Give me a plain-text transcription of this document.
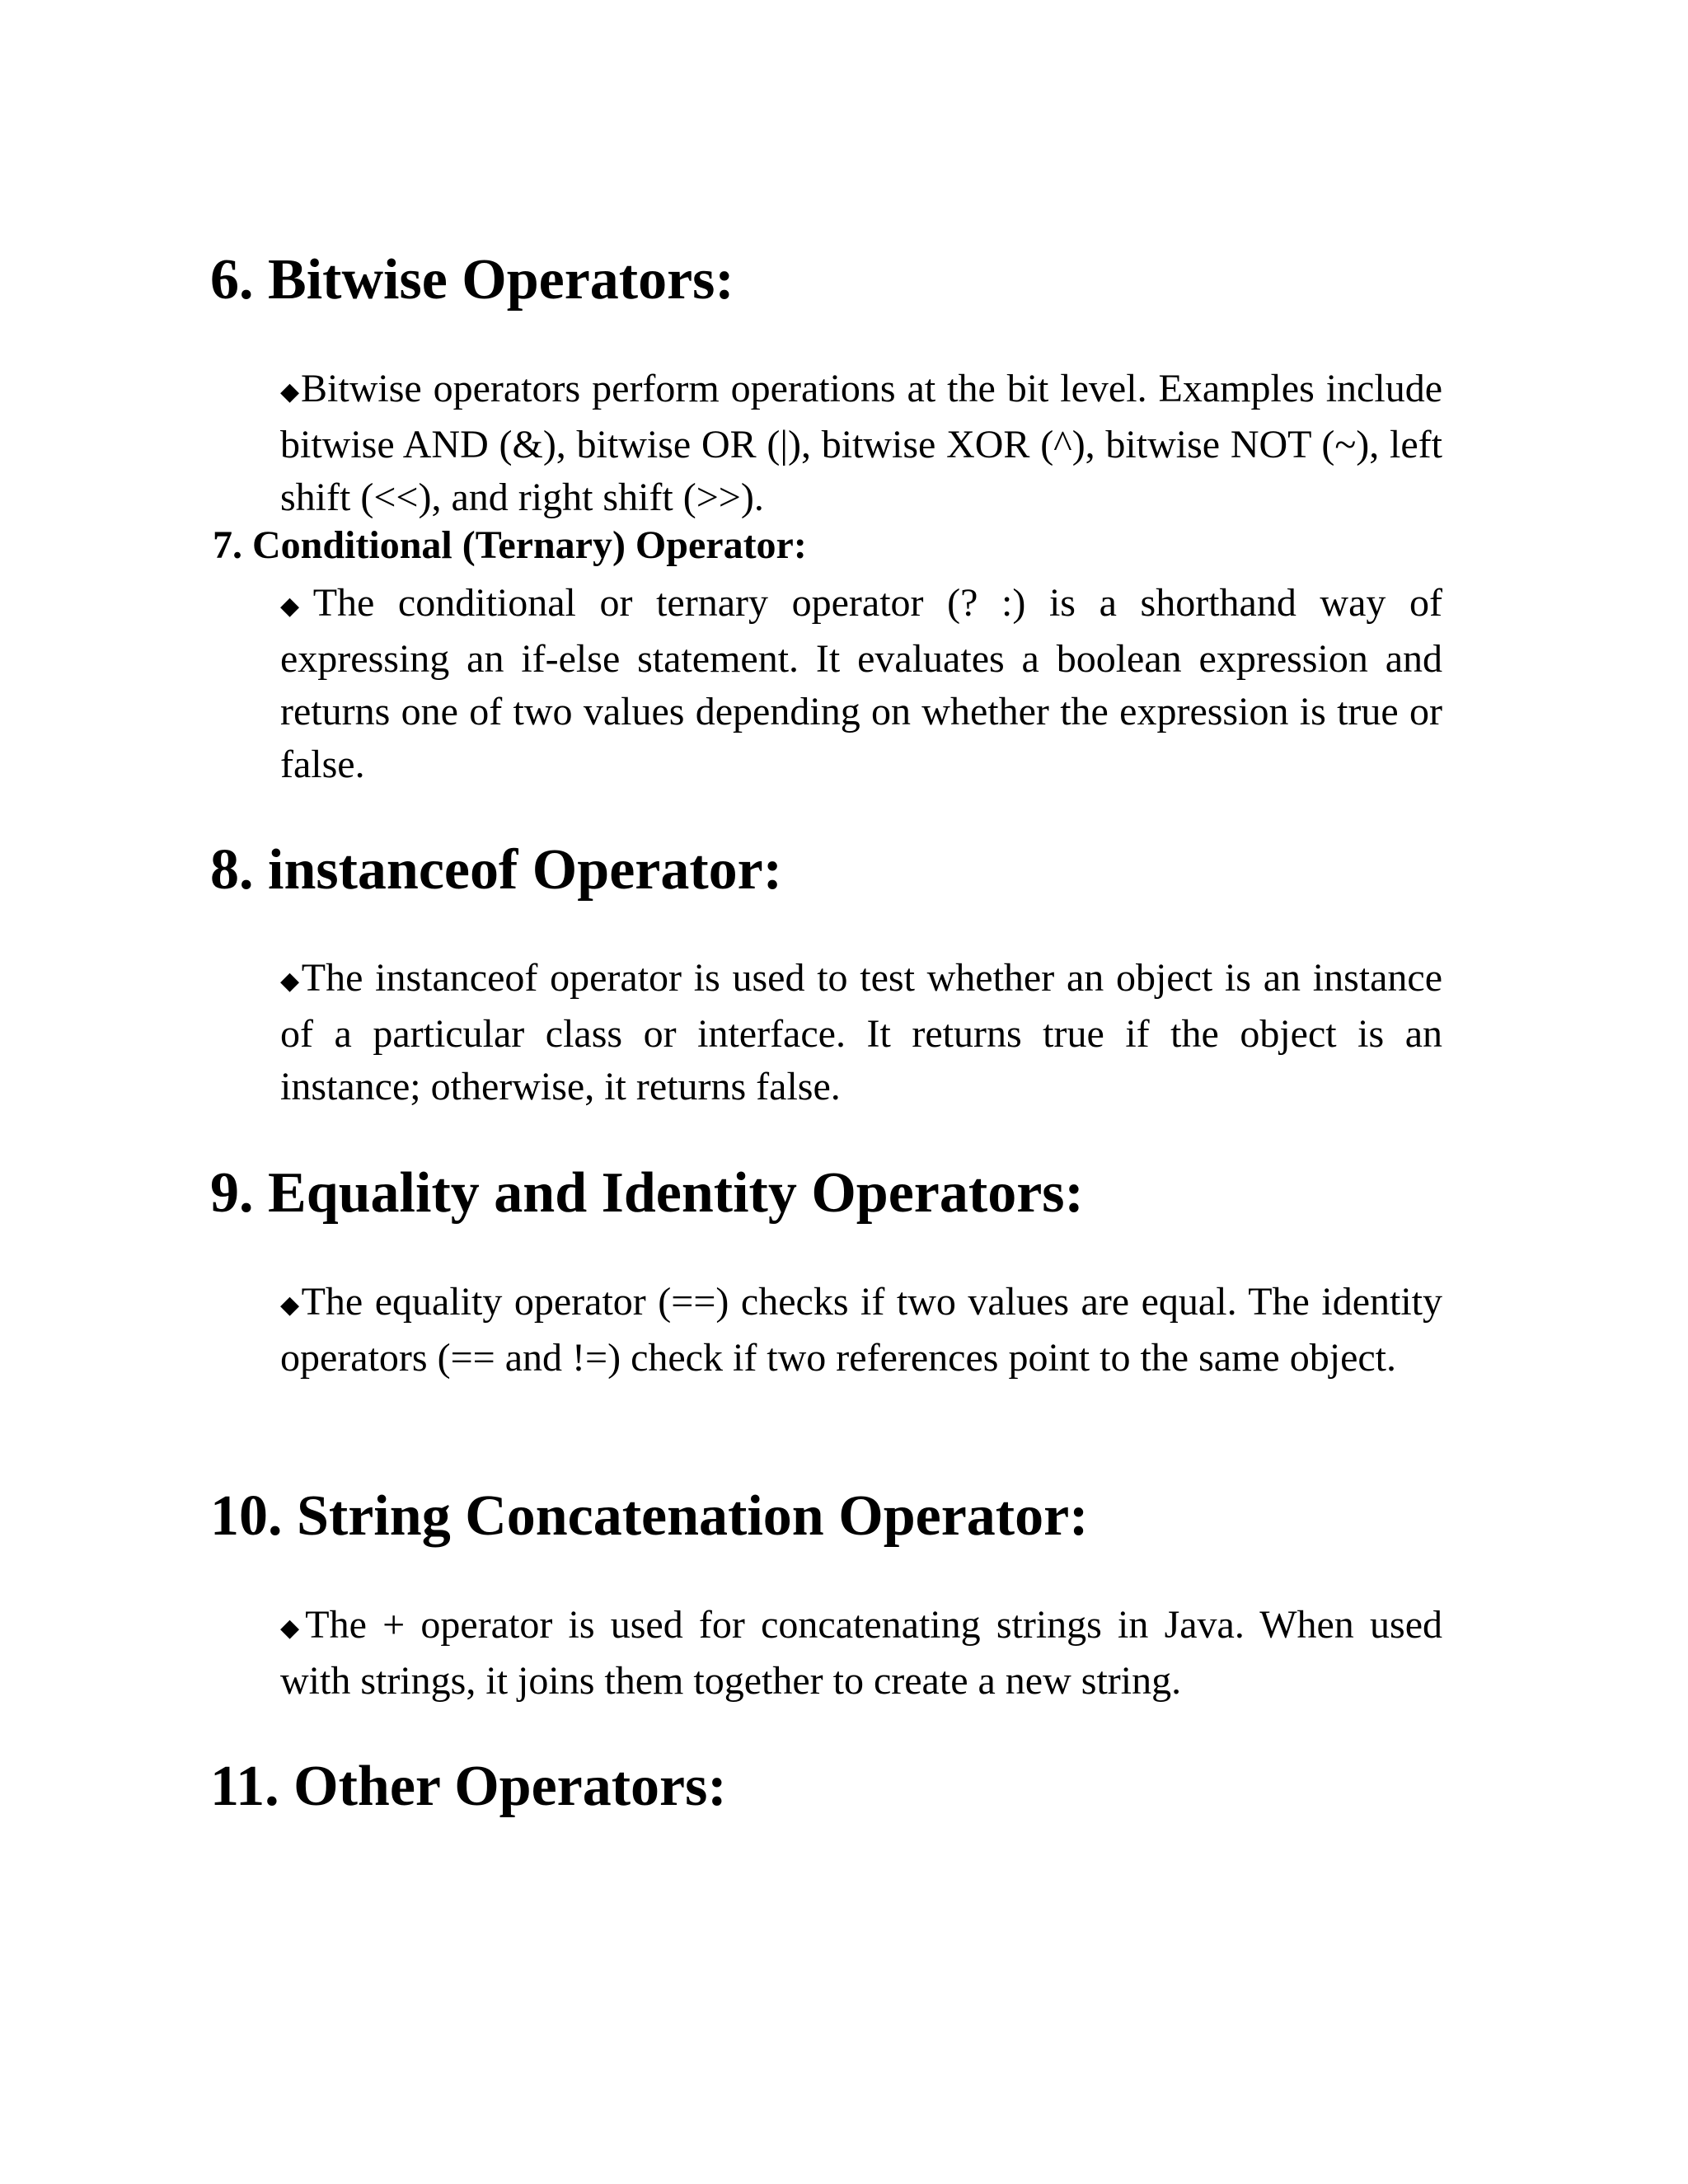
6. Bitwise Operators:

◆Bitwise operators perform operations at the bit level. Examples include bitwise AND (&), bitwise OR (|), bitwise XOR (^), bitwise NOT (~), left shift (<<), and right shift (>>).

7. Conditional (Ternary) Operator:

◆The conditional or ternary operator (? :) is a shorthand way of expressing an if-else statement. It evaluates a boolean expression and returns one of two values depending on whether the expression is true or false.

8. instanceof Operator:

◆The instanceof operator is used to test whether an object is an instance of a particular class or interface. It returns true if the object is an instance; otherwise, it returns false.

9. Equality and Identity Operators:

◆The equality operator (==) checks if two values are equal. The identity operators (== and !=) check if two references point to the same object.

10. String Concatenation Operator:

◆The + operator is used for concatenating strings in Java. When used with strings, it joins them together to create a new string.

11. Other Operators:
